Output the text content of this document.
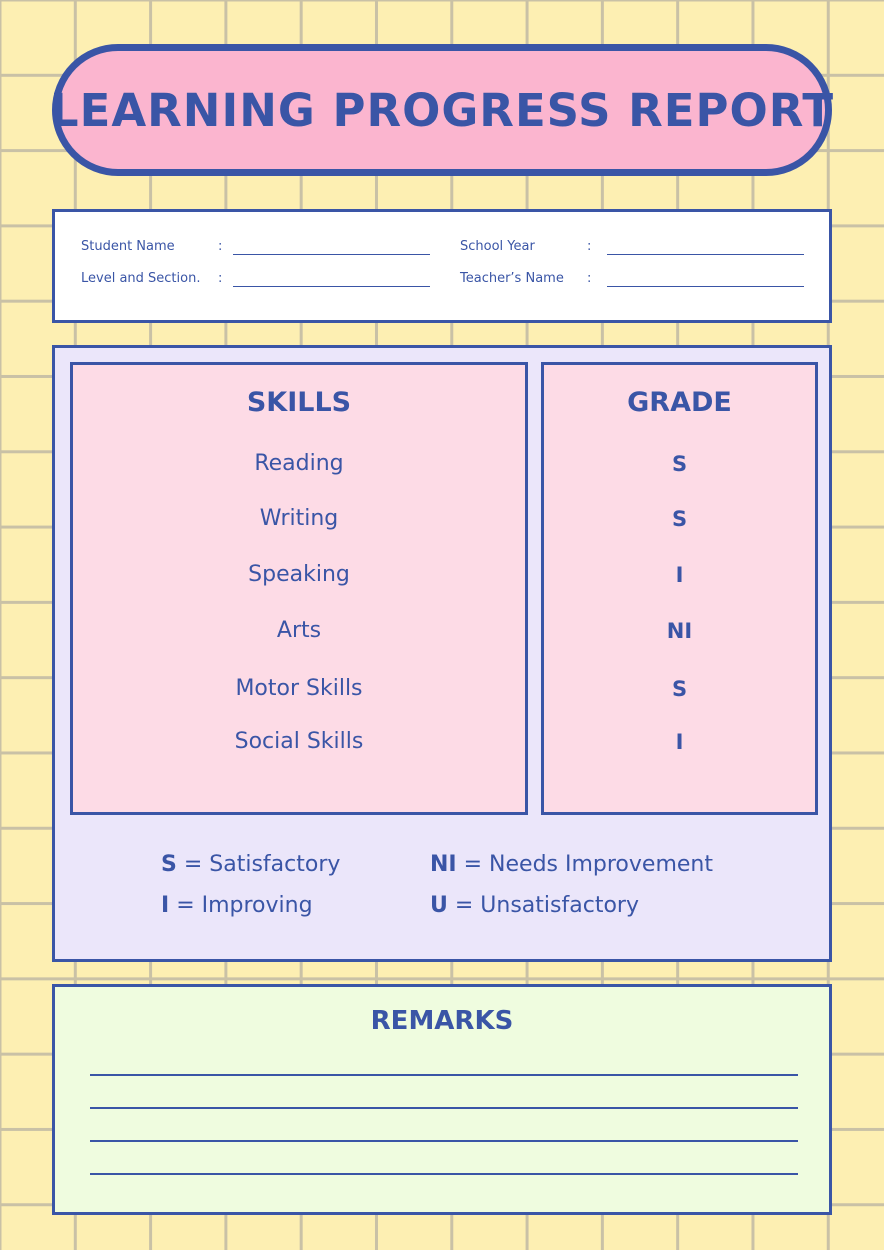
LEARNING PROGRESS REPORT
Student Name	:
Level and Section. :
School Year	:
Teacher’s Name :
SKILLS
Reading
Writing
Speaking
Arts
Motor Skills
Social Skills
GRADE
S
S
I
NI
S
I
S = Satisfactory
I = Improving
NI = Needs Improvement
U = Unsatisfactory
REMARKS
